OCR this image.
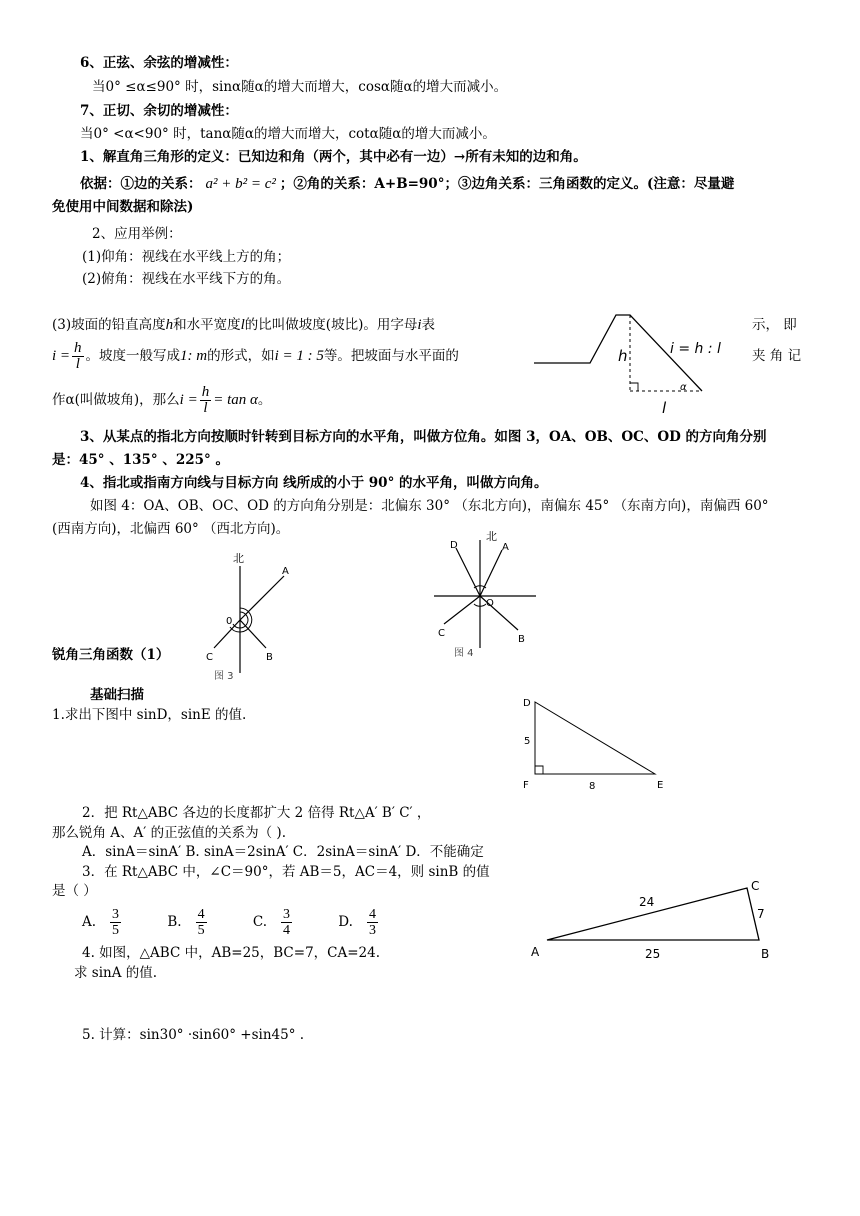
6、正弦、余弦的增减性：
当0° ≤α≤90° 时，sinα随α的增大而增大，cosα随α的增大而减小。
7、正切、余切的增减性：
当0° <α<90° 时，tanα随α的增大而增大，cotα随α的增大而减小。
1、解直角三角形的定义：已知边和角（两个，其中必有一边）→所有未知的边和角。
依据：①边的关系： a² + b² = c² ；②角的关系：A+B=90°；③边角关系：三角函数的定义。(注意：尽量避
免使用中间数据和除法)
2、应用举例：
(1)仰角：视线在水平线上方的角；
(2)俯角：视线在水平线下方的角。
(3)坡面的铅直高度h和水平宽度l的比叫做坡度(坡比)。用字母i表	示， 即
$i = \frac{h}{l}$ 。坡度一般写成1: m的形式，如i = 1 : 5等。把坡面与水平面的	夹 角 记
作α(叫做坡角)，那么$i = \frac{h}{l} = \tan \alpha$。
h
l
i = h : l
α
3、从某点的指北方向按顺时针转到目标方向的水平角，叫做方位角。如图 3，OA、OB、OC、OD 的方向角分别
是：45° 、135° 、225° 。
4、指北或指南方向线与目标方向 线所成的小于 90° 的水平角，叫做方向角。
如图 4：OA、OB、OC、OD 的方向角分别是：北偏东 30° （东北方向)，南偏东 45° （东南方向)，南偏西 60°
(西南方向)，北偏西 60° （西北方向)。
北
A
B
C
0
图 3
北
A
B
C
D
O
图 4
锐角三角函数（1）
基础扫描
1.求出下图中 sinD，sinE 的值.
D
E
F
5
8
2．把 Rt△ABC 各边的长度都扩大 2 倍得 Rt△A′ B′ C′ ，
那么锐角 A、A′ 的正弦值的关系为（ ).
A．sinA＝sinA′ B. sinA＝2sinA′ C．2sinA＝sinA′ D．不能确定
3．在 Rt△ABC 中，∠C＝90°，若 AB＝5，AC＝4，则 sinB 的值
是（ ）
A. $\frac{3}{5}$	B. $\frac{4}{5}$	C. $\frac{3}{4}$	D. $\frac{4}{3}$
4. 如图，△ABC 中，AB=25，BC=7，CA=24.
求 sinA 的值.
A	B
C
24
7
25
5. 计算：sin30° ·sin60° +sin45° .
